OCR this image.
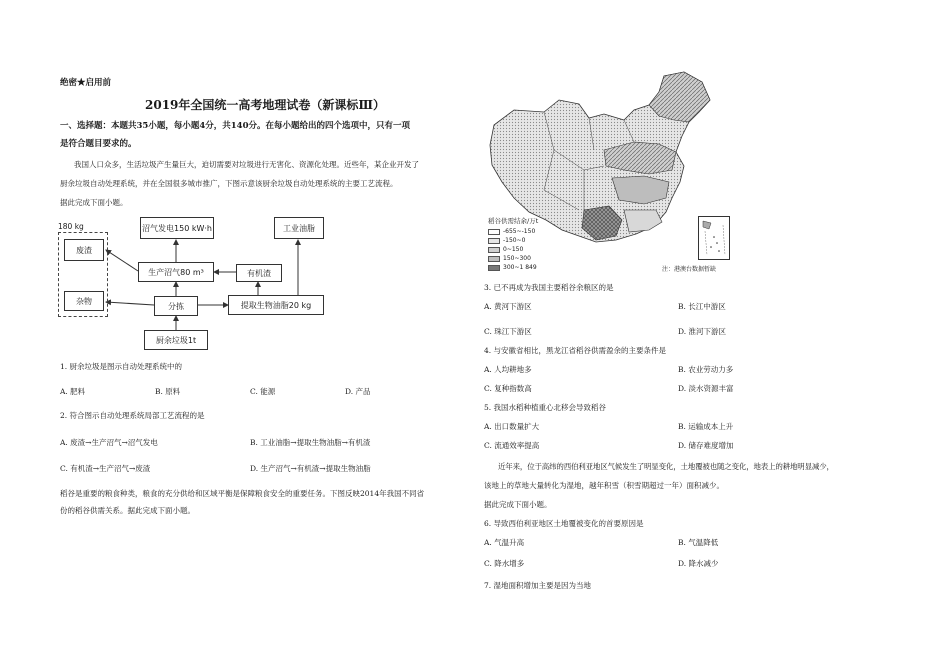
绝密★启用前
2019年全国统一高考地理试卷（新课标Ⅲ）
一、选择题：本题共35小题，每小题4分，共140分。在每小题给出的四个选项中，只有一项
是符合题目要求的。
我国人口众多，生活垃圾产生量巨大，迫切需要对垃圾进行无害化、资源化处理。近些年，某企业开发了
厨余垃圾自动处理系统，并在全国很多城市推广，下图示意该厨余垃圾自动处理系统的主要工艺流程。
据此完成下面小题。
180 kg
废渣
杂物
沼气发电150 kW·h
生产沼气80 m³	有机渣
分拣
工业油脂
提取生物油脂20 kg
厨余垃圾1t
1. 厨余垃圾是图示自动处理系统中的
A. 肥料	B. 原料	C. 能源	D. 产品
2. 符合图示自动处理系统局部工艺流程的是
A. 废渣→生产沼气→沼气发电	B. 工业油脂→提取生物油脂→有机渣
C. 有机渣→生产沼气→废渣	D. 生产沼气→有机渣→提取生物油脂
稻谷是重要的粮食种类，粮食的充分供给和区域平衡是保障粮食安全的重要任务。下图反映2014年我国不同省
份的稻谷供需关系。据此完成下面小题。
稻谷供需结余/万t
-655~-150
-150~0
0~150
150~300
300~1 849	注：港澳台数据暂缺
3. 已不再成为我国主要稻谷余粮区的是
A. 黄河下游区	B. 长江中游区
C. 珠江下游区	D. 淮河下游区
4. 与安徽省相比，黑龙江省稻谷供需盈余的主要条件是
A. 人均耕地多	B. 农业劳动力多
C. 复种指数高	D. 淡水资源丰富
5. 我国水稻种植重心北移会导致稻谷
A. 出口数量扩大	B. 运输成本上升
C. 流通效率提高	D. 储存难度增加
近年来，位于高纬的西伯利亚地区气候发生了明显变化，土地覆被也随之变化，地表上的耕地明显减少，
该地上的草地大量转化为湿地，越年积雪（积雪期超过一年）面积减少。
据此完成下面小题。
6. 导致西伯利亚地区土地覆被变化的首要原因是
A. 气温升高	B. 气温降低
C. 降水增多	D. 降水减少
7. 湿地面积增加主要是因为当地
